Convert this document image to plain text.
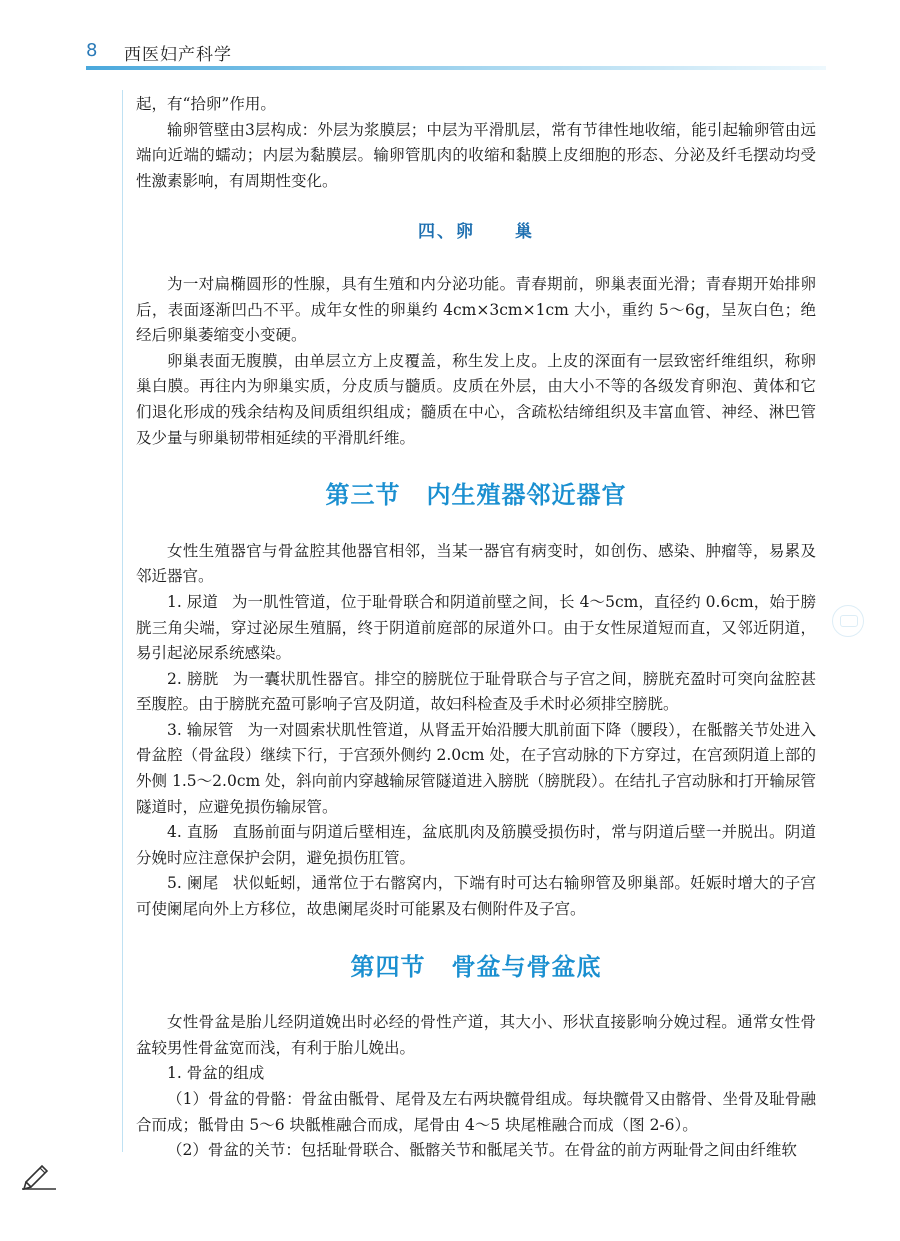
8 西医妇产科学

起，有“拾卵”作用。

输卵管壁由3层构成：外层为浆膜层；中层为平滑肌层，常有节律性地收缩，能引起输卵管由远端向近端的蠕动；内层为黏膜层。输卵管肌肉的收缩和黏膜上皮细胞的形态、分泌及纤毛摆动均受性激素影响，有周期性变化。

四、卵 巢

为一对扁椭圆形的性腺，具有生殖和内分泌功能。青春期前，卵巢表面光滑；青春期开始排卵后，表面逐渐凹凸不平。成年女性的卵巢约 4cm×3cm×1cm 大小，重约 5～6g，呈灰白色；绝经后卵巢萎缩变小变硬。

卵巢表面无腹膜，由单层立方上皮覆盖，称生发上皮。上皮的深面有一层致密纤维组织，称卵巢白膜。再往内为卵巢实质，分皮质与髓质。皮质在外层，由大小不等的各级发育卵泡、黄体和它们退化形成的残余结构及间质组织组成；髓质在中心，含疏松结缔组织及丰富血管、神经、淋巴管及少量与卵巢韧带相延续的平滑肌纤维。

第三节 内生殖器邻近器官

女性生殖器官与骨盆腔其他器官相邻，当某一器官有病变时，如创伤、感染、肿瘤等，易累及邻近器官。

1. 尿道 为一肌性管道，位于耻骨联合和阴道前壁之间，长 4～5cm，直径约 0.6cm，始于膀胱三角尖端，穿过泌尿生殖膈，终于阴道前庭部的尿道外口。由于女性尿道短而直，又邻近阴道，易引起泌尿系统感染。

2. 膀胱 为一囊状肌性器官。排空的膀胱位于耻骨联合与子宫之间，膀胱充盈时可突向盆腔甚至腹腔。由于膀胱充盈可影响子宫及阴道，故妇科检查及手术时必须排空膀胱。

3. 输尿管 为一对圆索状肌性管道，从肾盂开始沿腰大肌前面下降（腰段），在骶髂关节处进入骨盆腔（骨盆段）继续下行，于宫颈外侧约 2.0cm 处，在子宫动脉的下方穿过，在宫颈阴道上部的外侧 1.5～2.0cm 处，斜向前内穿越输尿管隧道进入膀胱（膀胱段）。在结扎子宫动脉和打开输尿管隧道时，应避免损伤输尿管。

4. 直肠 直肠前面与阴道后壁相连，盆底肌肉及筋膜受损伤时，常与阴道后壁一并脱出。阴道分娩时应注意保护会阴，避免损伤肛管。

5. 阑尾 状似蚯蚓，通常位于右髂窝内，下端有时可达右输卵管及卵巢部。妊娠时增大的子宫可使阑尾向外上方移位，故患阑尾炎时可能累及右侧附件及子宫。

第四节 骨盆与骨盆底

女性骨盆是胎儿经阴道娩出时必经的骨性产道，其大小、形状直接影响分娩过程。通常女性骨盆较男性骨盆宽而浅，有利于胎儿娩出。

1. 骨盆的组成

（1）骨盆的骨骼：骨盆由骶骨、尾骨及左右两块髋骨组成。每块髋骨又由髂骨、坐骨及耻骨融合而成；骶骨由 5～6 块骶椎融合而成，尾骨由 4～5 块尾椎融合而成（图 2-6）。

（2）骨盆的关节：包括耻骨联合、骶髂关节和骶尾关节。在骨盆的前方两耻骨之间由纤维软
